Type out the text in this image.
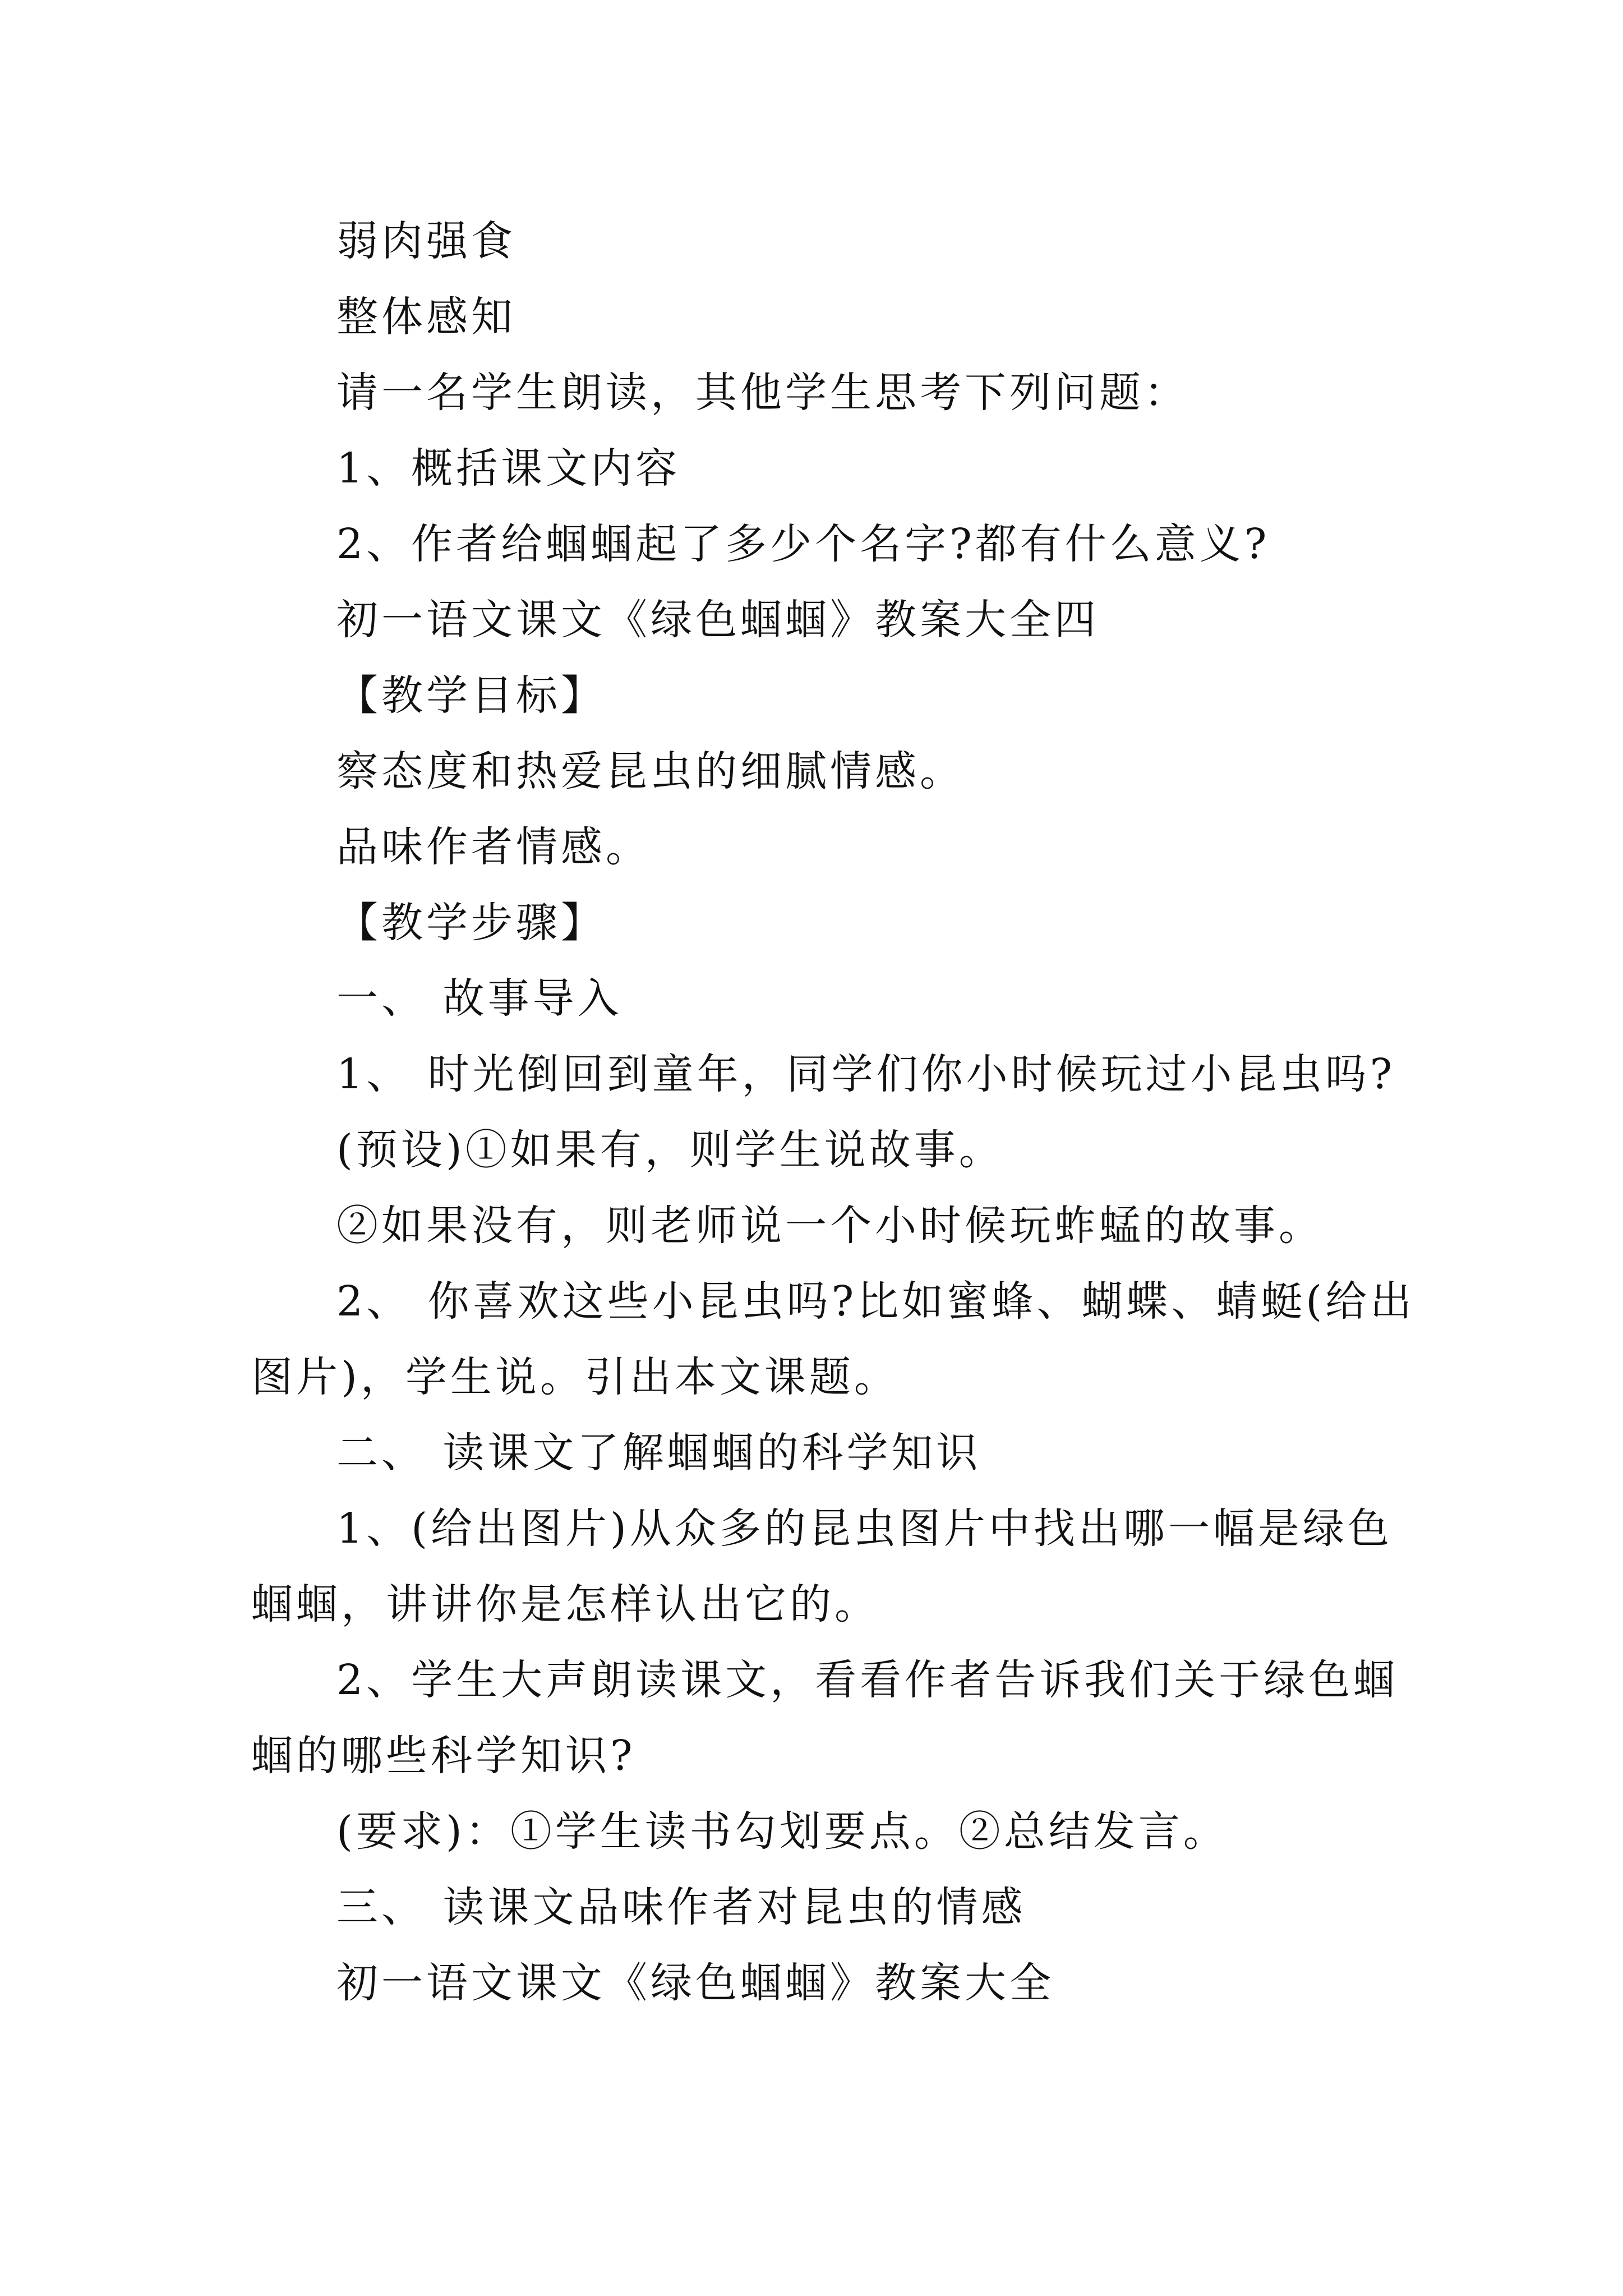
弱肉强食
整体感知
请一名学生朗读，其他学生思考下列问题：
1、概括课文内容
2、作者给蝈蝈起了多少个名字?都有什么意义?
初一语文课文《绿色蝈蝈》教案大全四
【教学目标】
察态度和热爱昆虫的细腻情感。
品味作者情感。
【教学步骤】
一、 故事导入
1、 时光倒回到童年，同学们你小时候玩过小昆虫吗?
(预设)①如果有，则学生说故事。
②如果没有，则老师说一个小时候玩蚱蜢的故事。
2、 你喜欢这些小昆虫吗?比如蜜蜂、蝴蝶、蜻蜓(给出
图片)，学生说。引出本文课题。
二、 读课文了解蝈蝈的科学知识
1、(给出图片)从众多的昆虫图片中找出哪一幅是绿色
蝈蝈，讲讲你是怎样认出它的。
2、学生大声朗读课文，看看作者告诉我们关于绿色蝈
蝈的哪些科学知识?
(要求)：①学生读书勾划要点。②总结发言。
三、 读课文品味作者对昆虫的情感
初一语文课文《绿色蝈蝈》教案大全
